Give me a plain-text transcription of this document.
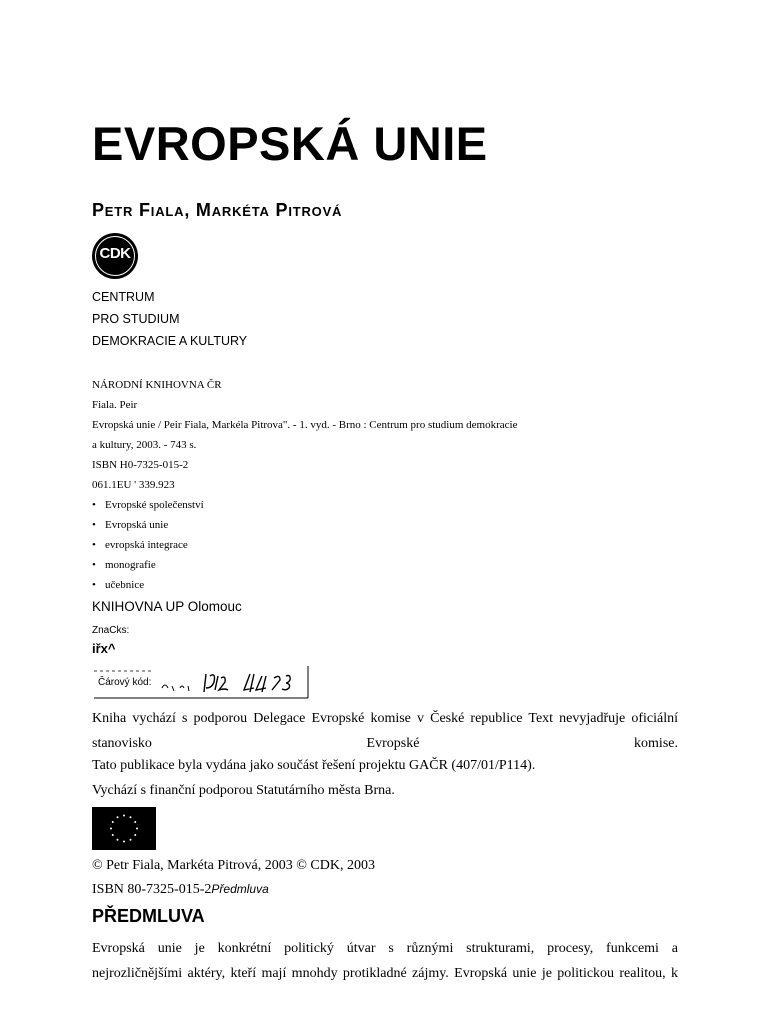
EVROPSKÁ UNIE
Petr Fiala, Markéta Pitrová
CDK
CENTRUM
PRO STUDIUM
DEMOKRACIE A KULTURY
NÁRODNÍ KNIHOVNA ČR
Fiala. Peir
Evropská unie / Peir Fiala, Markéla Pitrova". - 1. vyd. - Brno : Centrum pro studium demokracie
a kultury, 2003. - 743 s.
ISBN H0-7325-015-2
061.1EU ' 339.923
• Evropské společenství
• Evropská unie
• evropská integrace
• monografie
• učebnice
KNIHOVNA UP Olomouc
ZnaCks:
iřx^
Čárový kód:
Kniha vychází s podporou Delegace Evropské komise v České republice Text nevyjadřuje oficiální stanovisko Evropské komise.
Tato publikace byla vydána jako součást řešení projektu GAČR (407/01/P114).
Vychází s finanční podporou Statutárního města Brna.
© Petr Fiala, Markéta Pitrová, 2003 © CDK, 2003
ISBN 80-7325-015-2Předmluva
PŘEDMLUVA
Evropská unie je konkrétní politický útvar s různými strukturami, procesy, funkcemi a
nejrozličnějšími aktéry, kteří mají mnohdy protikladné zájmy. Evropská unie je politickou realitou, k
